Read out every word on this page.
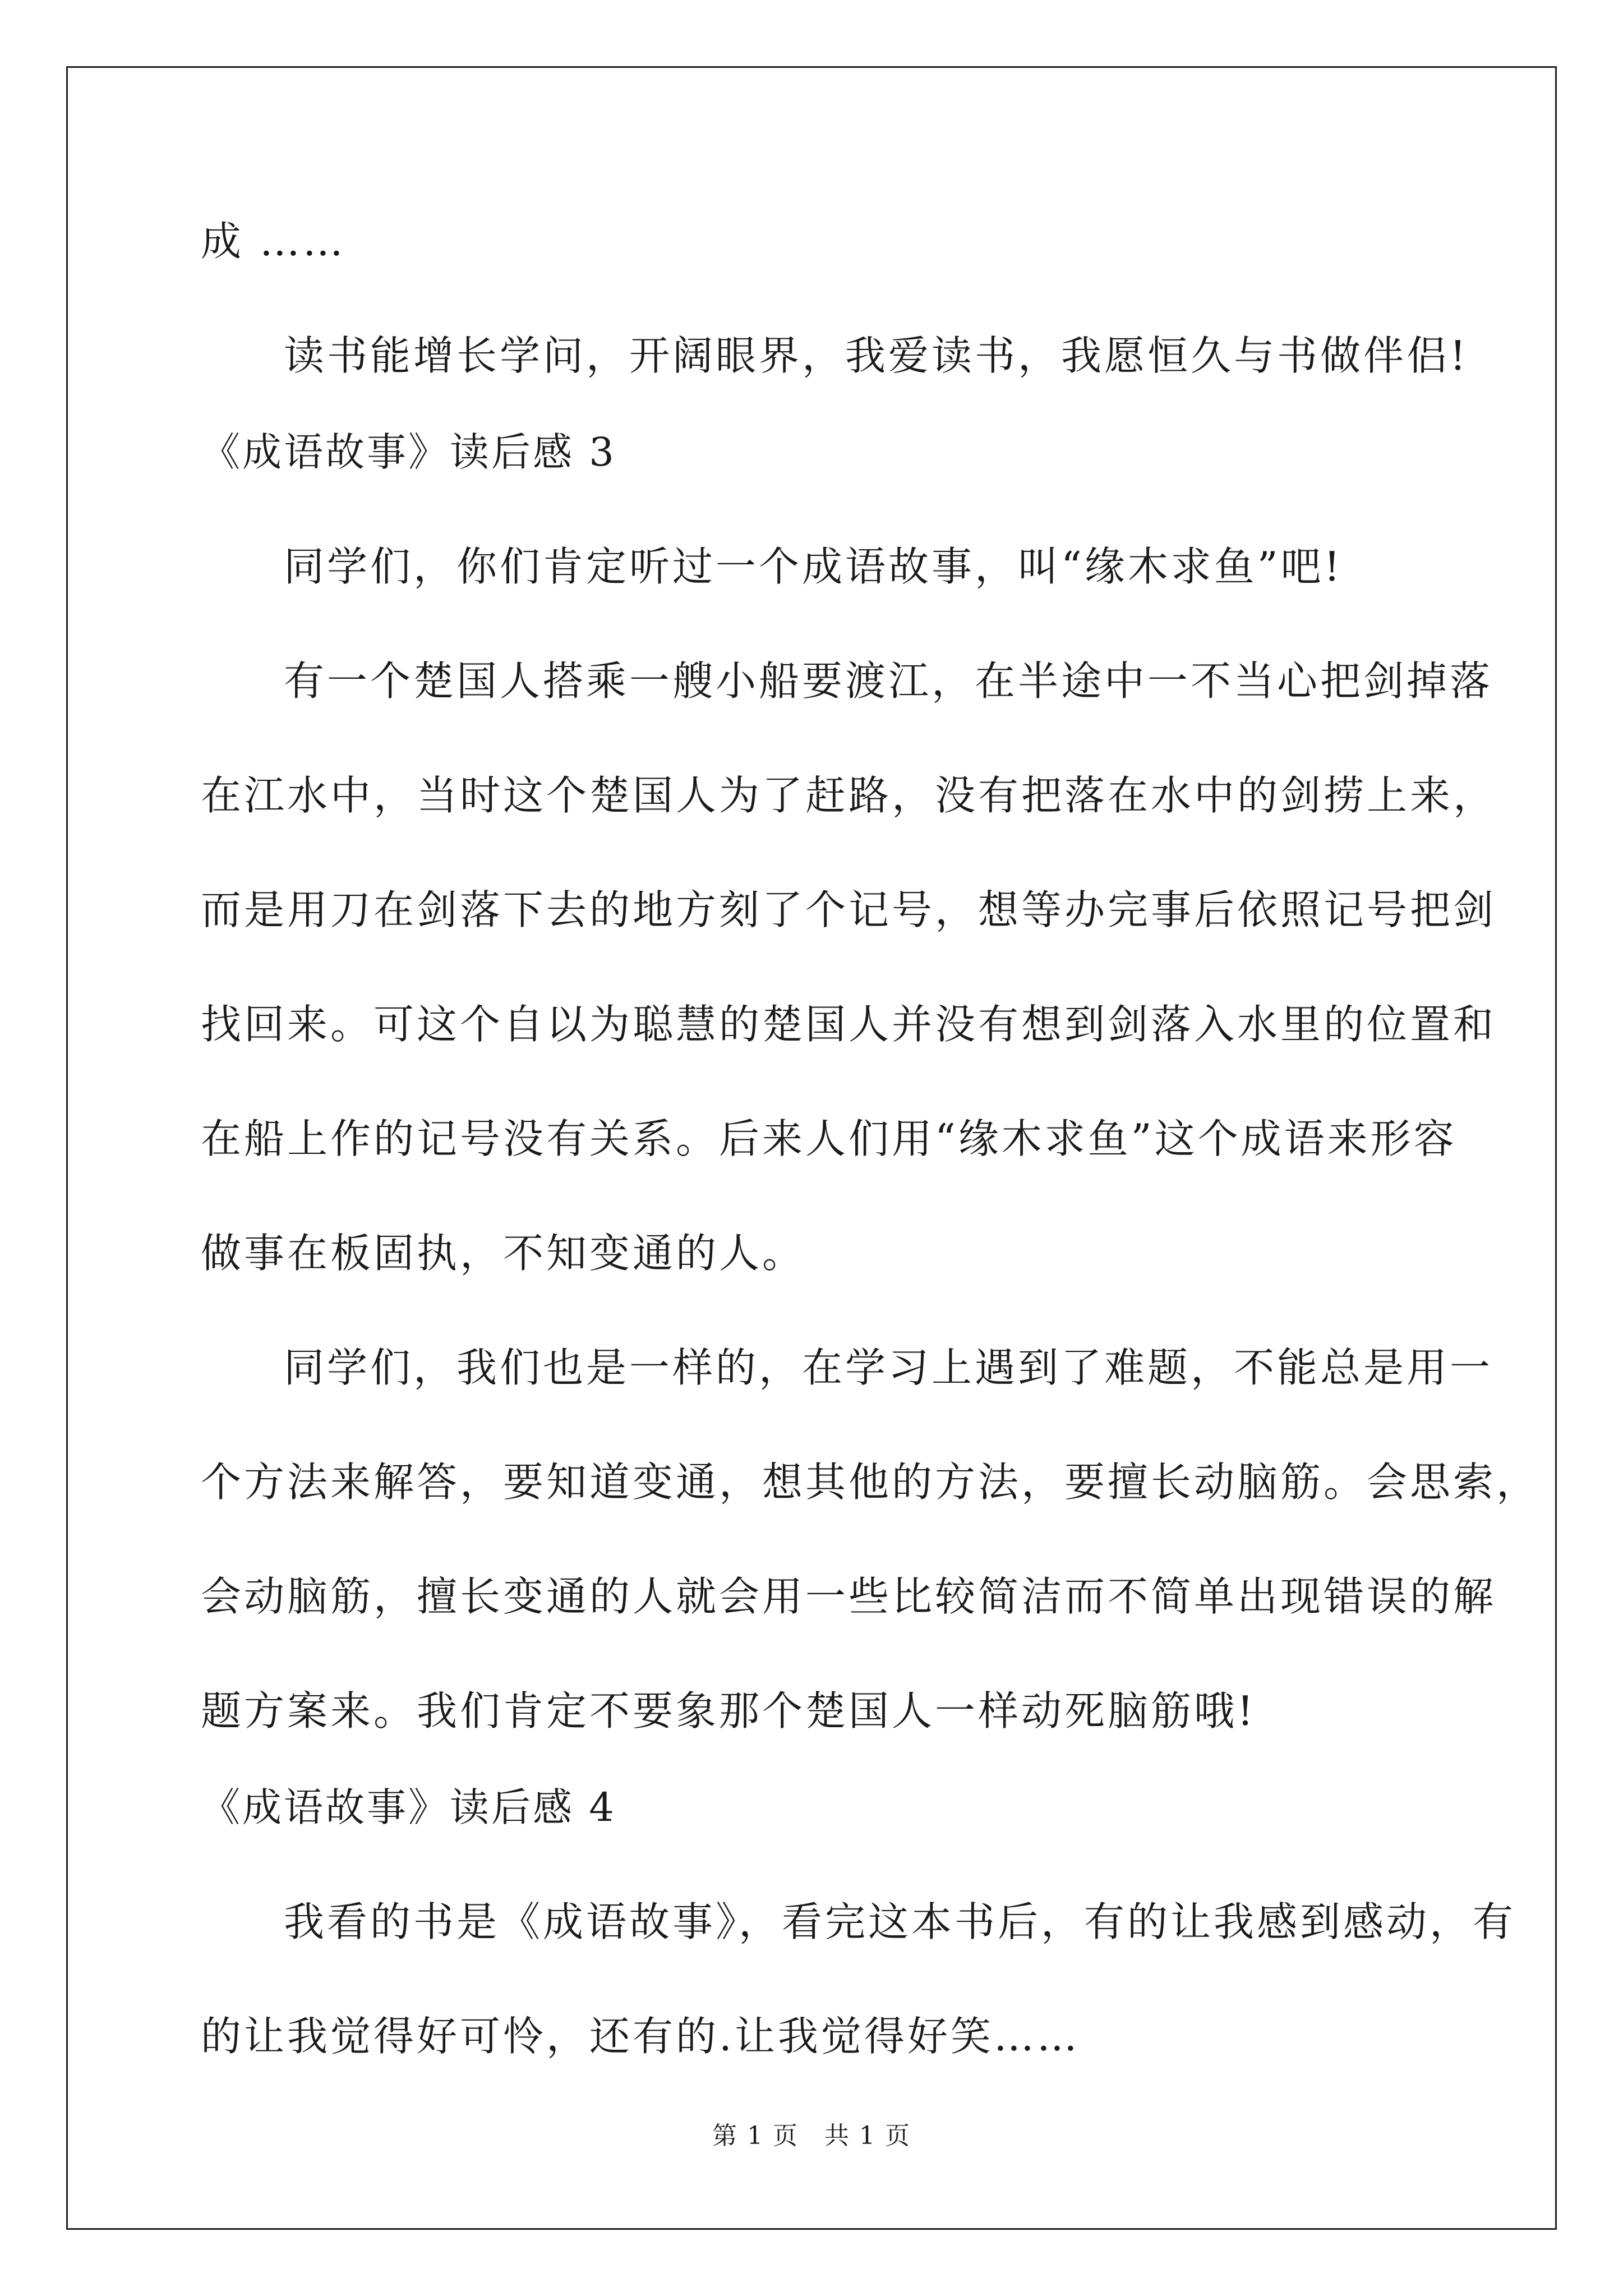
成 ……

读书能增长学问，开阔眼界，我爱读书，我愿恒久与书做伴侣!

《成语故事》读后感 3

同学们，你们肯定听过一个成语故事，叫“缘木求鱼”吧!

有一个楚国人搭乘一艘小船要渡江，在半途中一不当心把剑掉落

在江水中，当时这个楚国人为了赶路，没有把落在水中的剑捞上来，

而是用刀在剑落下去的地方刻了个记号，想等办完事后依照记号把剑

找回来。可这个自以为聪慧的楚国人并没有想到剑落入水里的位置和

在船上作的记号没有关系。后来人们用“缘木求鱼”这个成语来形容

做事在板固执，不知变通的人。

同学们，我们也是一样的，在学习上遇到了难题，不能总是用一

个方法来解答，要知道变通，想其他的方法，要擅长动脑筋。会思索，

会动脑筋，擅长变通的人就会用一些比较简洁而不简单出现错误的解

题方案来。我们肯定不要象那个楚国人一样动死脑筋哦!

《成语故事》读后感 4

我看的书是《成语故事》，看完这本书后，有的让我感到感动，有

的让我觉得好可怜，还有的.让我觉得好笑……

第 1 页　共 1 页
